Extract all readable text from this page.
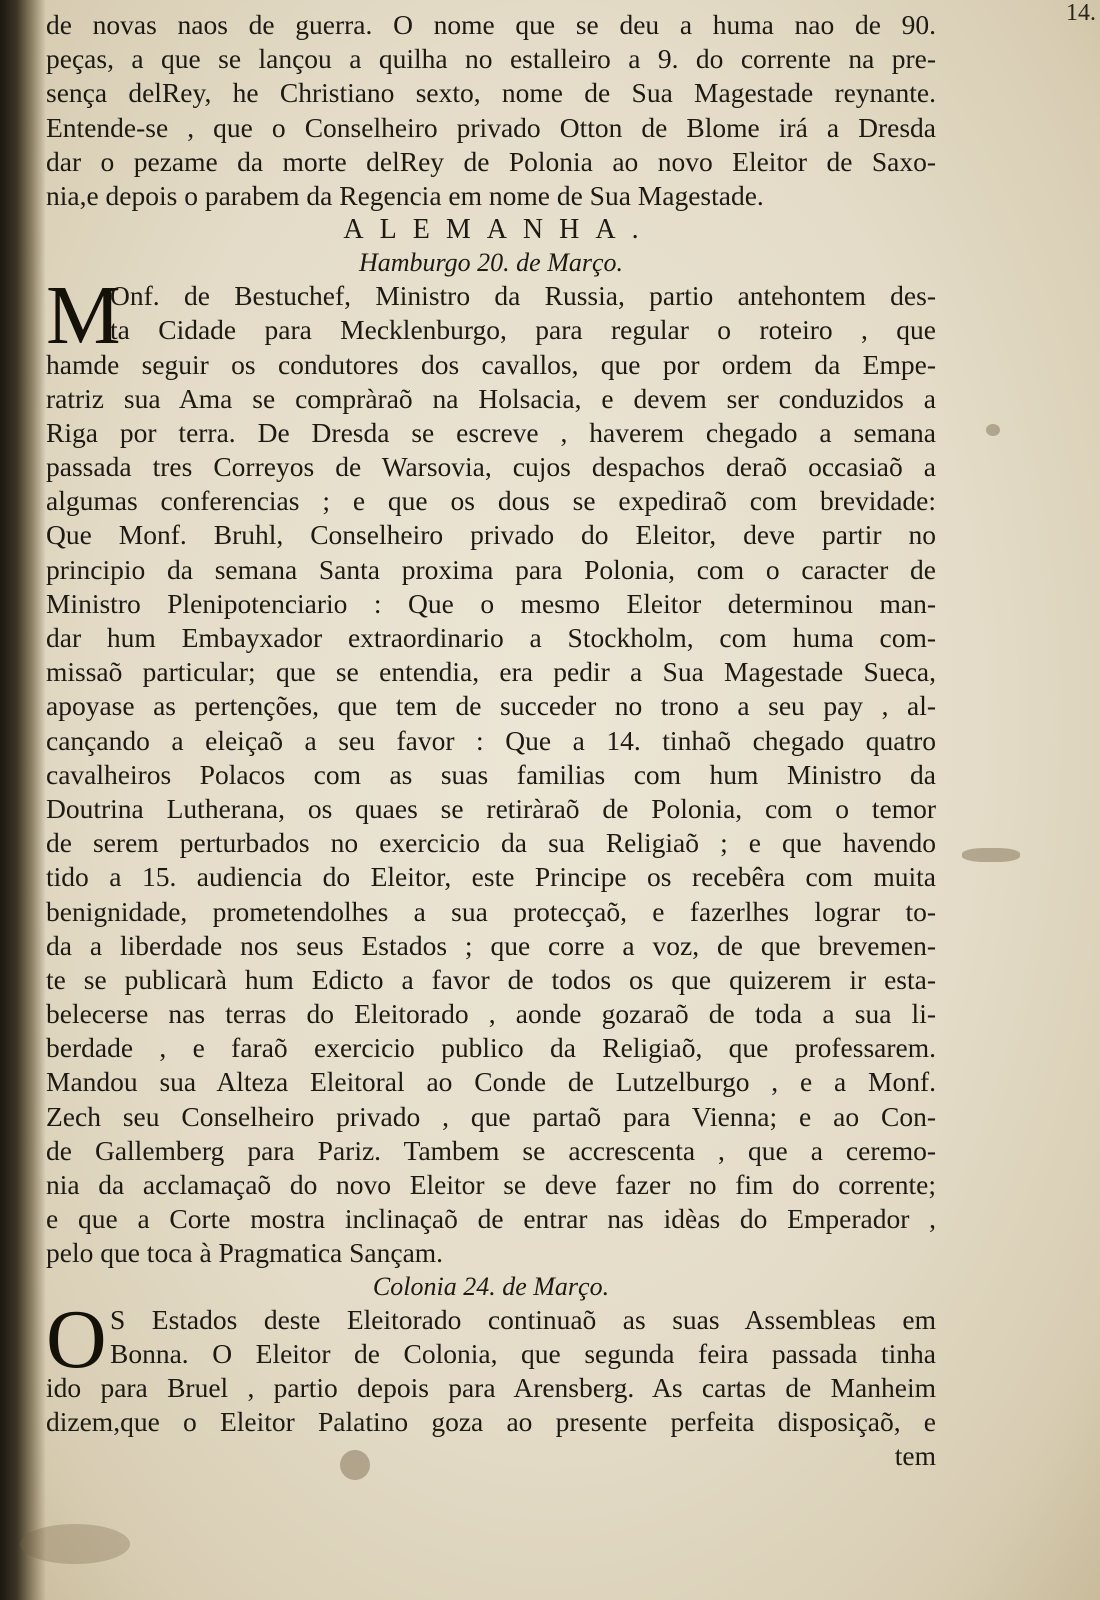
14.
de novas naos de guerra. O nome que se deu a huma nao de 90.
peças, a que se lançou a quilha no estalleiro a 9. do corrente na pre-
sença delRey, he Christiano sexto, nome de Sua Magestade reynante.
Entende-se , que o Conselheiro privado Otton de Blome irá a Dresda
dar o pezame da morte delRey de Polonia ao novo Eleitor de Saxo-
nia,e depois o parabem da Regencia em nome de Sua Magestade.
ALEMANHA.
Hamburgo 20. de Março.
M
Onf. de Bestuchef, Ministro da Russia, partio antehontem des-
ta Cidade para Mecklenburgo, para regular o roteiro , que
hamde seguir os condutores dos cavallos, que por ordem da Empe-
ratriz sua Ama se compràraõ na Holsacia, e devem ser conduzidos a
Riga por terra. De Dresda se escreve , haverem chegado a semana
passada tres Correyos de Warsovia, cujos despachos deraõ occasiaõ a
algumas conferencias ; e que os dous se expediraõ com brevidade:
Que Monf. Bruhl, Conselheiro privado do Eleitor, deve partir no
principio da semana Santa proxima para Polonia, com o caracter de
Ministro Plenipotenciario : Que o mesmo Eleitor determinou man-
dar hum Embayxador extraordinario a Stockholm, com huma com-
missaõ particular; que se entendia, era pedir a Sua Magestade Sueca,
apoyase as pertenções, que tem de succeder no trono a seu pay , al-
cançando a eleiçaõ a seu favor : Que a 14. tinhaõ chegado quatro
cavalheiros Polacos com as suas familias com hum Ministro da
Doutrina Lutherana, os quaes se retiràraõ de Polonia, com o temor
de serem perturbados no exercicio da sua Religiaõ ; e que havendo
tido a 15. audiencia do Eleitor, este Principe os recebêra com muita
benignidade, prometendolhes a sua protecçaõ, e fazerlhes lograr to-
da a liberdade nos seus Estados ; que corre a voz, de que brevemen-
te se publicarà hum Edicto a favor de todos os que quizerem ir esta-
belecerse nas terras do Eleitorado , aonde gozaraõ de toda a sua li-
berdade , e faraõ exercicio publico da Religiaõ, que professarem.
Mandou sua Alteza Eleitoral ao Conde de Lutzelburgo , e a Monf.
Zech seu Conselheiro privado , que partaõ para Vienna; e ao Con-
de Gallemberg para Pariz. Tambem se accrescenta , que a ceremo-
nia da acclamaçaõ do novo Eleitor se deve fazer no fim do corrente;
e que a Corte mostra inclinaçaõ de entrar nas idèas do Emperador ,
pelo que toca à Pragmatica Sançam.
Colonia 24. de Março.
O S Estados deste Eleitorado continuaõ as suas Assembleas em
Bonna. O Eleitor de Colonia, que segunda feira passada tinha
ido para Bruel , partio depois para Arensberg. As cartas de Manheim
dizem,que o Eleitor Palatino goza ao presente perfeita disposiçaõ, e
tem
